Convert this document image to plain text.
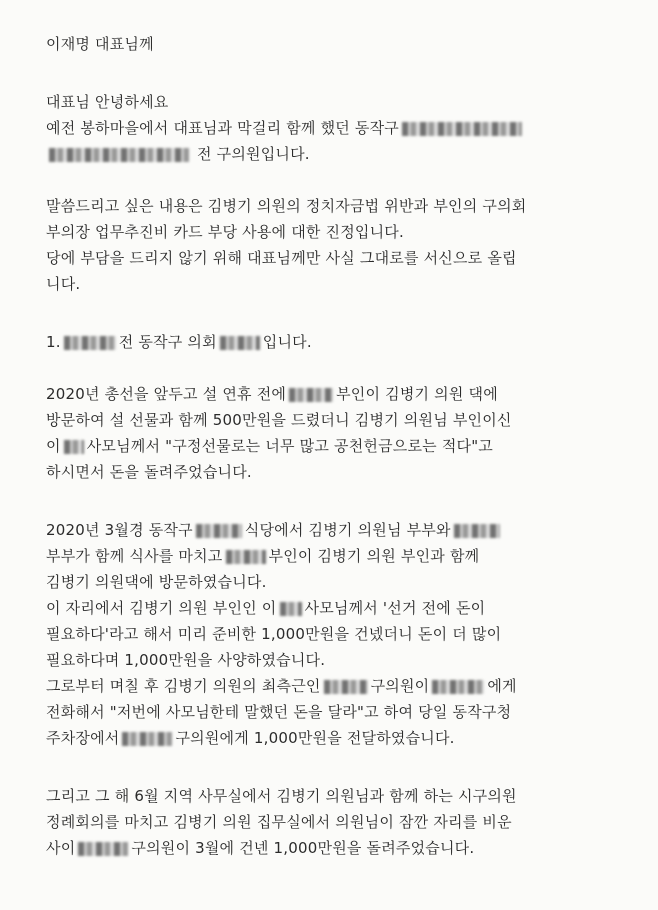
이재명 대표님께
대표님 안녕하세요
예전 봉하마을에서 대표님과 막걸리 함께 했던 동작구
전 구의원입니다.
말씀드리고 싶은 내용은 김병기 의원의 정치자금법 위반과 부인의 구의회
부의장 업무추진비 카드 부당 사용에 대한 진정입니다.
당에 부담을 드리지 않기 위해 대표님께만 사실 그대로를 서신으로 올립
니다.
1.	전 동작구 의회	입니다.
2020년 총선을 앞두고 설 연휴 전에	부인이 김병기 의원 댁에
방문하여 설 선물과 함께 500만원을 드렸더니 김병기 의원님 부인이신
이 사모님께서 "구정선물로는 너무 많고 공천헌금으로는 적다"고
하시면서 돈을 돌려주었습니다.
2020년 3월경 동작구	식당에서 김병기 의원님 부부와
부부가 함께 식사를 마치고	부인이 김병기 의원 부인과 함께
김병기 의원댁에 방문하였습니다.
이 자리에서 김병기 의원 부인인 이 사모님께서 '선거 전에 돈이
필요하다'라고 해서 미리 준비한 1,000만원을 건넸더니 돈이 더 많이
필요하다며 1,000만원을 사양하였습니다.
그로부터 며칠 후 김병기 의원의 최측근인	구의원이	에게
전화해서 "저번에 사모님한테 말했던 돈을 달라"고 하여 당일 동작구청
주차장에서	구의원에게 1,000만원을 전달하였습니다.
그리고 그 해 6월 지역 사무실에서 김병기 의원님과 함께 하는 시구의원
정례회의를 마치고 김병기 의원 집무실에서 의원님이 잠깐 자리를 비운
사이	구의원이 3월에 건넨 1,000만원을 돌려주었습니다.
